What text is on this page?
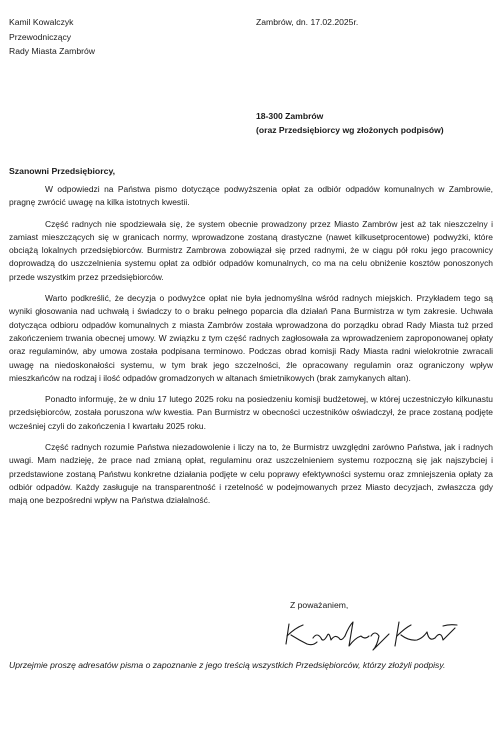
Kamil Kowalczyk
Przewodniczący
Rady Miasta Zambrów
Zambrów, dn. 17.02.2025r.
18-300 Zambrów
(oraz Przedsiębiorcy wg złożonych podpisów)
Szanowni Przedsiębiorcy,

W odpowiedzi na Państwa pismo dotyczące podwyższenia opłat za odbiór odpadów komunalnych w Zambrowie, pragnę zwrócić uwagę na kilka istotnych kwestii.

Część radnych nie spodziewała się, że system obecnie prowadzony przez Miasto Zambrów jest aż tak nieszczelny i zamiast mieszczących się w granicach normy, wprowadzone zostaną drastyczne (nawet kilkusetprocentowe) podwyżki, które obciążą lokalnych przedsiębiorców. Burmistrz Zambrowa zobowiązał się przed radnymi, że w ciągu pół roku jego pracownicy doprowadzą do uszczelnienia systemu opłat za odbiór odpadów komunalnych, co ma na celu obniżenie kosztów ponoszonych przede wszystkim przez przedsiębiorców.

Warto podkreślić, że decyzja o podwyżce opłat nie była jednomyślna wśród radnych miejskich. Przykładem tego są wyniki głosowania nad uchwałą i świadczy to o braku pełnego poparcia dla działań Pana Burmistrza w tym zakresie. Uchwała dotycząca odbioru odpadów komunalnych z miasta Zambrów została wprowadzona do porządku obrad Rady Miasta tuż przed zakończeniem trwania obecnej umowy. W związku z tym część radnych zagłosowała za wprowadzeniem zaproponowanej opłaty oraz regulaminów, aby umowa została podpisana terminowo. Podczas obrad komisji Rady Miasta radni wielokrotnie zwracali uwagę na niedoskonałości systemu, w tym brak jego szczelności, źle opracowany regulamin oraz ograniczony wpływ mieszkańców na rodzaj i ilość odpadów gromadzonych w altanach śmietnikowych (brak zamykanych altan).

Ponadto informuję, że w dniu 17 lutego 2025 roku na posiedzeniu komisji budżetowej, w której uczestniczyło kilkunastu przedsiębiorców, została poruszona w/w kwestia. Pan Burmistrz w obecności uczestników oświadczył, że prace zostaną podjęte wcześniej czyli do zakończenia I kwartału 2025 roku.

Część radnych rozumie Państwa niezadowolenie i liczy na to, że Burmistrz uwzględni zarówno Państwa, jak i radnych uwagi. Mam nadzieję, że prace nad zmianą opłat, regulaminu oraz uszczelnieniem systemu rozpoczną się jak najszybciej i przedstawione zostaną Państwu konkretne działania podjęte w celu poprawy efektywności systemu oraz zmniejszenia opłaty za odbiór odpadów. Każdy zasługuje na transparentność i rzetelność w podejmowanych przez Miasto decyzjach, zwłaszcza gdy mają one bezpośredni wpływ na Państwa działalność.

Z poważaniem,
Uprzejmie proszę adresatów pisma o zapoznanie z jego treścią wszystkich Przedsiębiorców, którzy złożyli podpisy.
